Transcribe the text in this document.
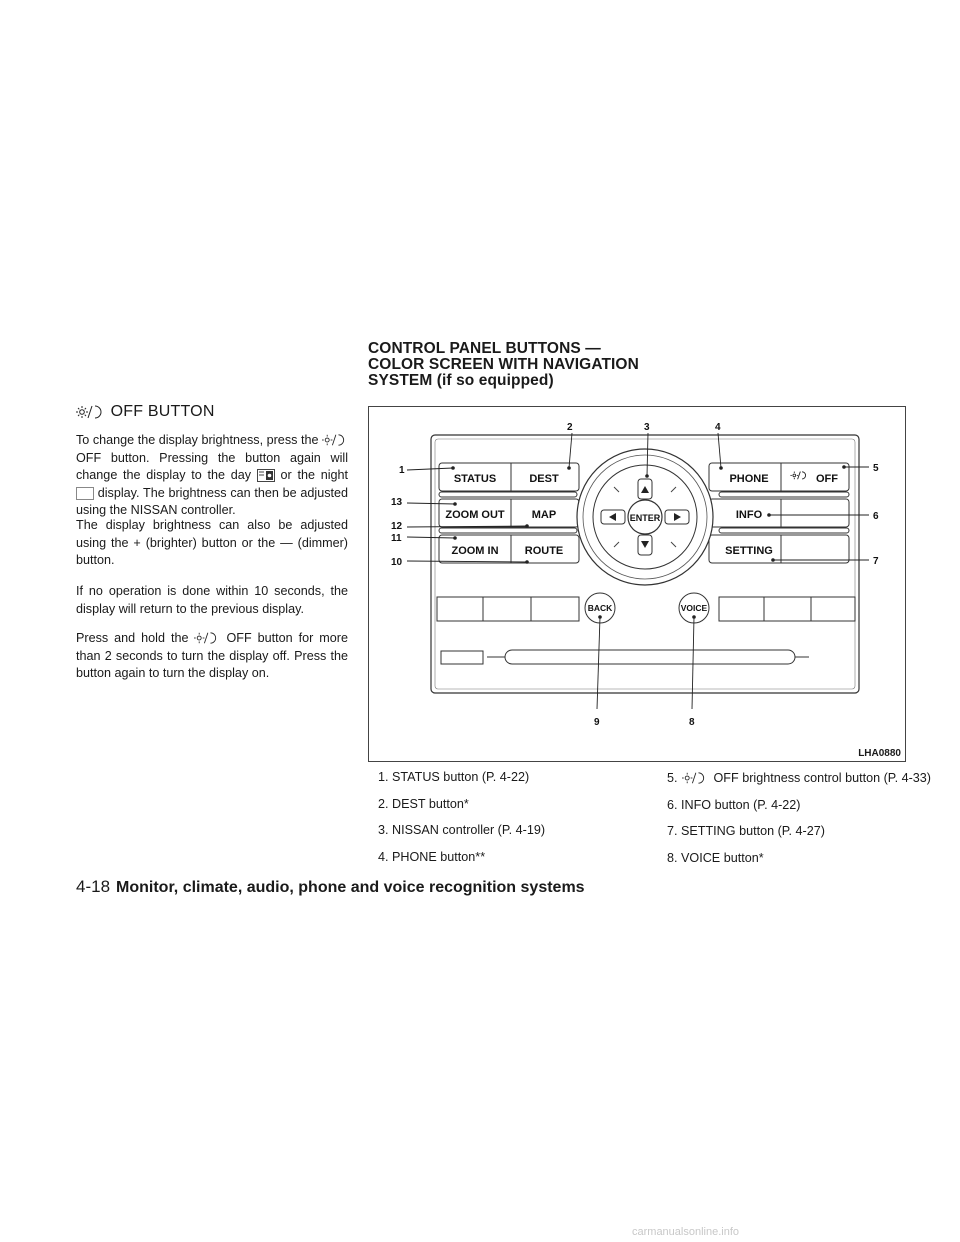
OFF BUTTON
To change the display brightness, press the  OFF button. Pressing the button again will change the display to the day or the night  display. The brightness can then be adjusted using the NISSAN controller.
The display brightness can also be adjusted using the + (brighter) button or the — (dimmer) button.
If no operation is done within 10 seconds, the display will return to the previous display.
Press and hold the	OFF button for more than 2 seconds to turn the display off. Press the button again to turn the display on.
CONTROL PANEL BUTTONS —
COLOR SCREEN WITH NAVIGATION
SYSTEM (if so equipped)
STATUS	DEST
ZOOM OUT MAP
ZOOM IN ROUTE
PHONE	OFF
INFO
SETTING
ENTER
BACK	VOICE
1
2	3	4
5
6
7
8
9
10
11
12
13
LHA0880
1. STATUS button (P. 4-22)
2. DEST button*
3. NISSAN controller (P. 4-19)
4. PHONE button**
5.	OFF brightness control button (P. 4-33)
6. INFO button (P. 4-22)
7. SETTING button (P. 4-27)
8. VOICE button*
4-18 Monitor, climate, audio, phone and voice recognition systems
carmanualsonline.info
